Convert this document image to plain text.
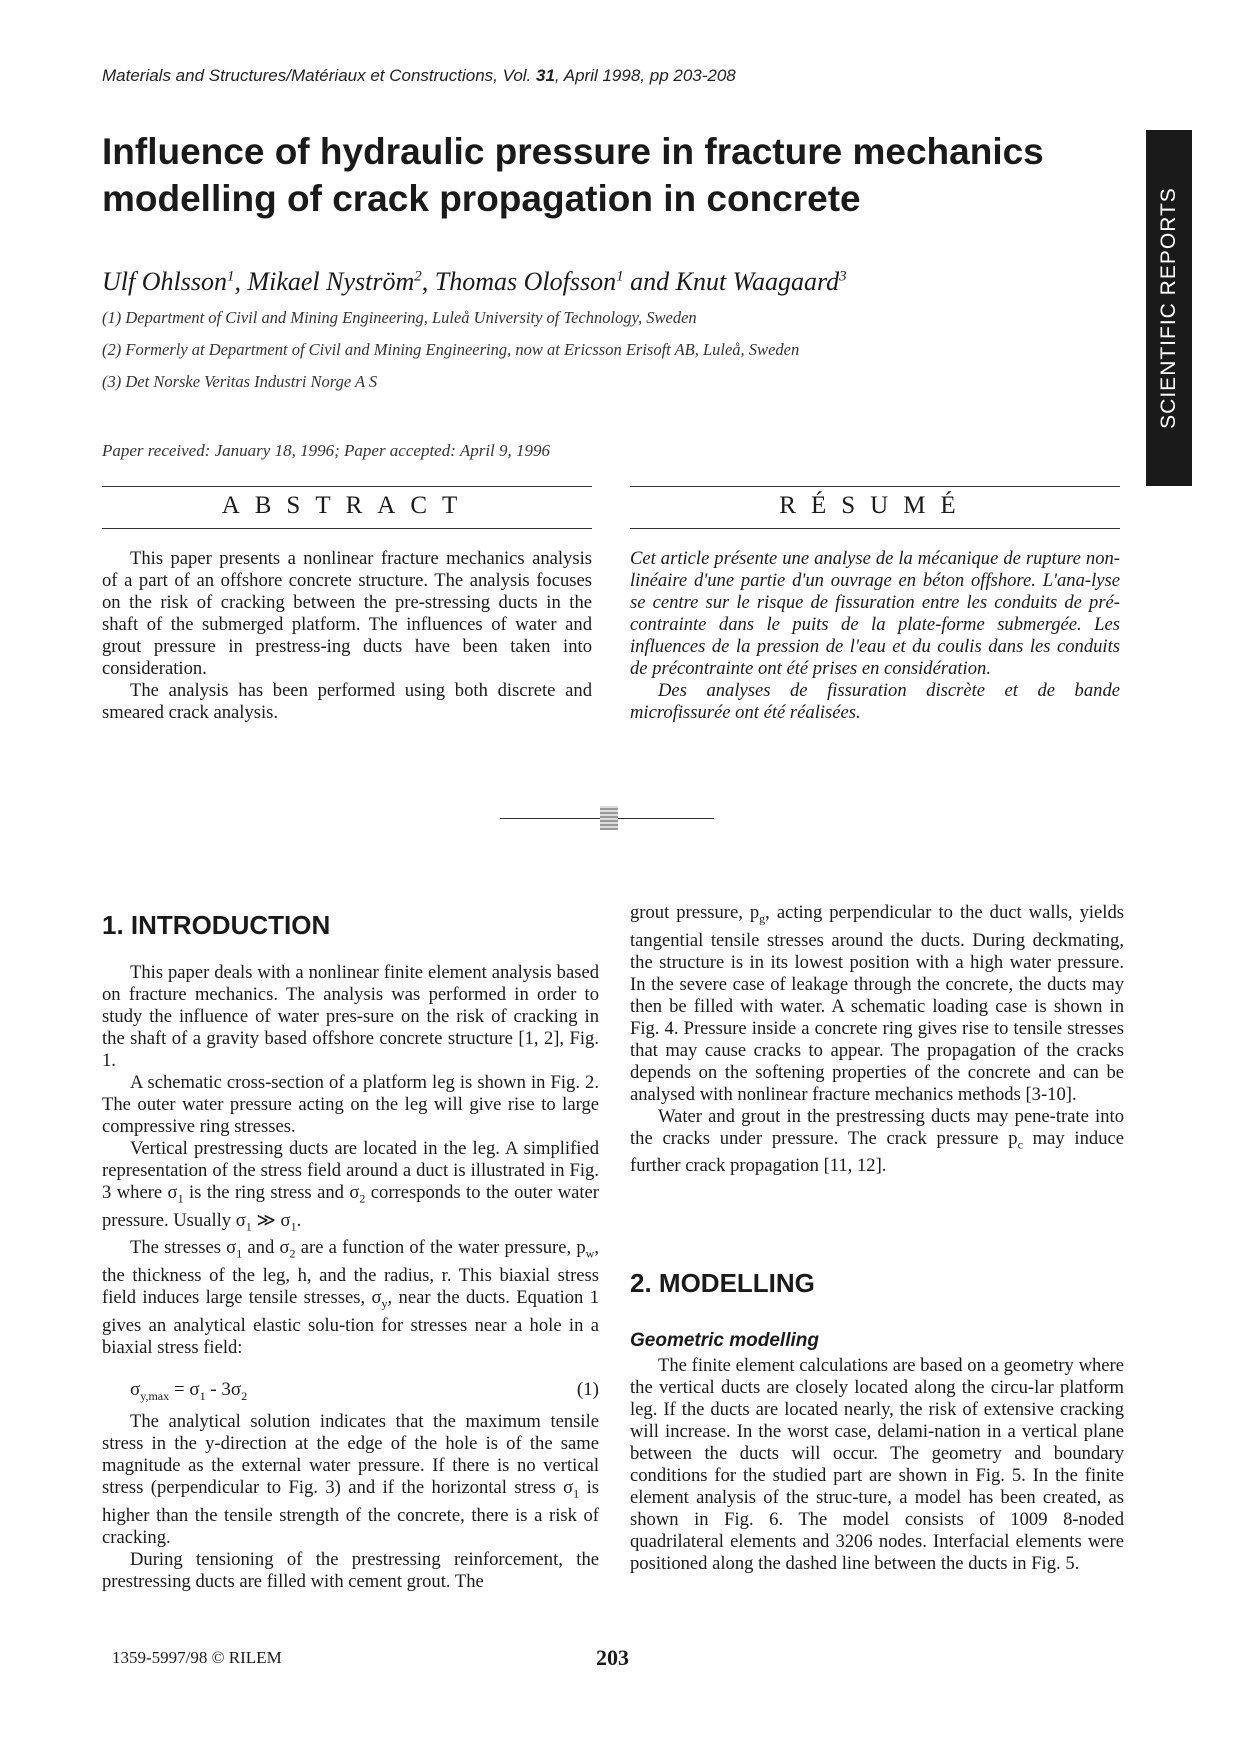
Materials and Structures/Matériaux et Constructions, Vol. 31, April 1998, pp 203-208
Influence of hydraulic pressure in fracture mechanics
modelling of crack propagation in concrete	SCIENTIFIC REPORTS
Ulf Ohlsson$^1$, Mikael Nyström$^2$, Thomas Olofsson$^1$ and Knut Waagaard$^3$
(1) Department of Civil and Mining Engineering, Luleå University of Technology, Sweden
(2) Formerly at Department of Civil and Mining Engineering, now at Ericsson Erisoft AB, Luleå, Sweden
(3) Det Norske Veritas Industri Norge A S
Paper received: January 18, 1996; Paper accepted: April 9, 1996
ABSTRACT

This paper presents a nonlinear fracture mechanics analysis of a part of an offshore concrete structure. The analysis focuses on the risk of cracking between the pre-stressing ducts in the shaft of the submerged platform. The influences of water and grout pressure in prestress-ing ducts have been taken into consideration.

The analysis has been performed using both discrete and smeared crack analysis.

RÉSUMÉ

Cet article présente une analyse de la mécanique de rupture non-linéaire d'une partie d'un ouvrage en béton offshore. L'ana-lyse se centre sur le risque de fissuration entre les conduits de pré-contrainte dans le puits de la plate-forme submergée. Les influences de la pression de l'eau et du coulis dans les conduits de précontrainte ont été prises en considération.

Des analyses de fissuration discrète et de bande microfissurée ont été réalisées.

1. INTRODUCTION

This paper deals with a nonlinear finite element analysis based on fracture mechanics. The analysis was performed in order to study the influence of water pres-sure on the risk of cracking in the shaft of a gravity based offshore concrete structure [1, 2], Fig. 1.

A schematic cross-section of a platform leg is shown in Fig. 2. The outer water pressure acting on the leg will give rise to large compressive ring stresses.

Vertical prestressing ducts are located in the leg. A simplified representation of the stress field around a duct is illustrated in Fig. 3 where $\sigma_1$ is the ring stress and $\sigma_2$ corresponds to the outer water pressure. Usually $\sigma_1$ ≫ $\sigma_1$.

The stresses $\sigma_1$ and $\sigma_2$ are a function of the water pressure, $p_w$, the thickness of the leg, h, and the radius, r. This biaxial stress field induces large tensile stresses, $\sigma_y$, near the ducts. Equation 1 gives an analytical elastic solu-tion for stresses near a hole in a biaxial stress field:

$\sigma_{y,max} = \sigma_1 - 3\sigma_2$	(1)

The analytical solution indicates that the maximum tensile stress in the y-direction at the edge of the hole is of the same magnitude as the external water pressure. If there is no vertical stress (perpendicular to Fig. 3) and if the horizontal stress $\sigma_1$ is higher than the tensile strength of the concrete, there is a risk of cracking.

During tensioning of the prestressing reinforcement, the prestressing ducts are filled with cement grout. The

grout pressure, $p_g$, acting perpendicular to the duct walls, yields tangential tensile stresses around the ducts. During deckmating, the structure is in its lowest position with a high water pressure. In the severe case of leakage through the concrete, the ducts may then be filled with water. A schematic loading case is shown in Fig. 4. Pressure inside a concrete ring gives rise to tensile stresses that may cause cracks to appear. The propagation of the cracks depends on the softening properties of the concrete and can be analysed with nonlinear fracture mechanics methods [3-10].

Water and grout in the prestressing ducts may pene-trate into the cracks under pressure. The crack pressure $p_c$ may induce further crack propagation [11, 12].

2. MODELLING
Geometric modelling

The finite element calculations are based on a geometry where the vertical ducts are closely located along the circu-lar platform leg. If the ducts are located nearly, the risk of extensive cracking will increase. In the worst case, delami-nation in a vertical plane between the ducts will occur. The geometry and boundary conditions for the studied part are shown in Fig. 5. In the finite element analysis of the struc-ture, a model has been created, as shown in Fig. 6. The model consists of 1009 8-noded quadrilateral elements and 3206 nodes. Interfacial elements were positioned along the dashed line between the ducts in Fig. 5.

1359-5997/98 © RILEM	203
